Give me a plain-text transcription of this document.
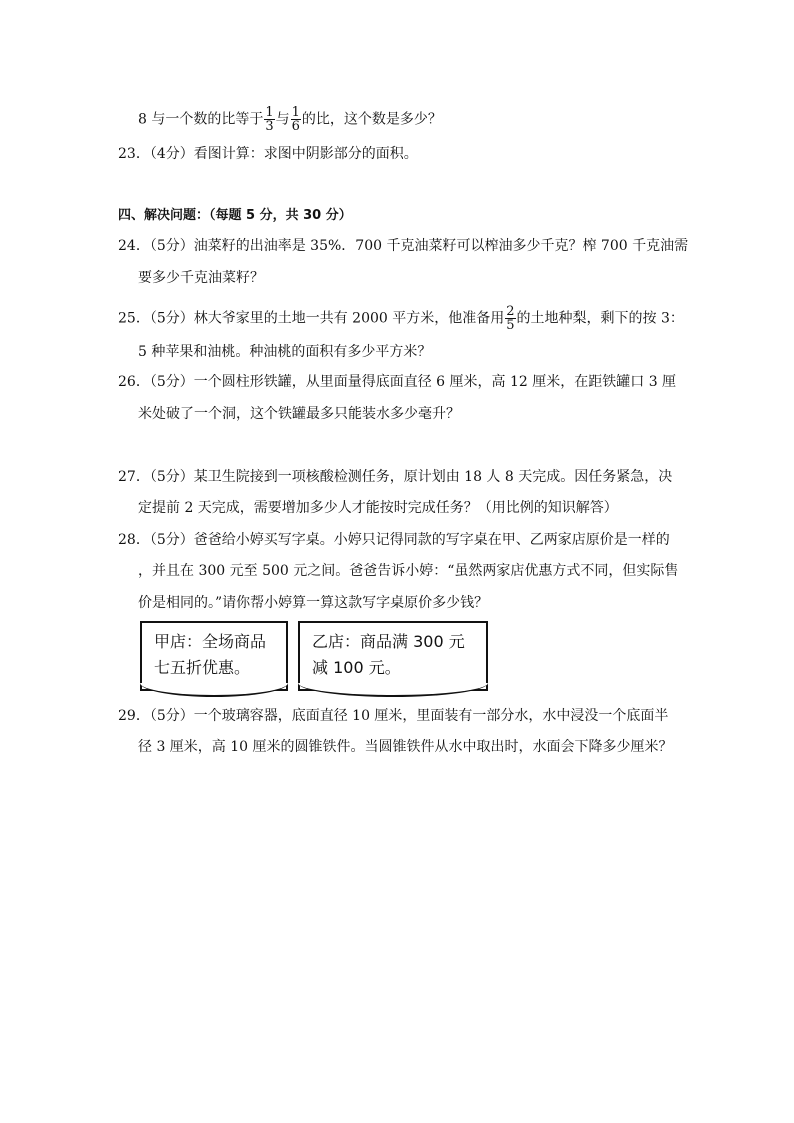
8 与一个数的比等于 $\frac{1}{3}$ 与 $\frac{1}{6}$ 的比，这个数是多少？
23．（4分）看图计算：求图中阴影部分的面积。
四、解决问题：（每题 5 分，共 30 分）
24．（5分）油菜籽的出油率是 35%．700 千克油菜籽可以榨油多少千克？榨 700 千克油需
要多少千克油菜籽？
25．（5分）林大爷家里的土地一共有 2000 平方米，他准备用 $\frac{2}{5}$ 的土地种梨，剩下的按 3：
5 种苹果和油桃。种油桃的面积有多少平方米？
26．（5分）一个圆柱形铁罐，从里面量得底面直径 6 厘米，高 12 厘米，在距铁罐口 3 厘
米处破了一个洞，这个铁罐最多只能装水多少毫升？
27．（5分）某卫生院接到一项核酸检测任务，原计划由 18 人 8 天完成。因任务紧急，决
定提前 2 天完成，需要增加多少人才能按时完成任务？（用比例的知识解答）
28．（5分）爸爸给小婷买写字桌。小婷只记得同款的写字桌在甲、乙两家店原价是一样的
，并且在 300 元至 500 元之间。爸爸告诉小婷：“虽然两家店优惠方式不同，但实际售
价是相同的。”请你帮小婷算一算这款写字桌原价多少钱？
甲店：全场商品
七五折优惠。
乙店：商品满 300 元
减 100 元。
29．（5分）一个玻璃容器，底面直径 10 厘米，里面装有一部分水，水中浸没一个底面半
径 3 厘米，高 10 厘米的圆锥铁件。当圆锥铁件从水中取出时，水面会下降多少厘米？
